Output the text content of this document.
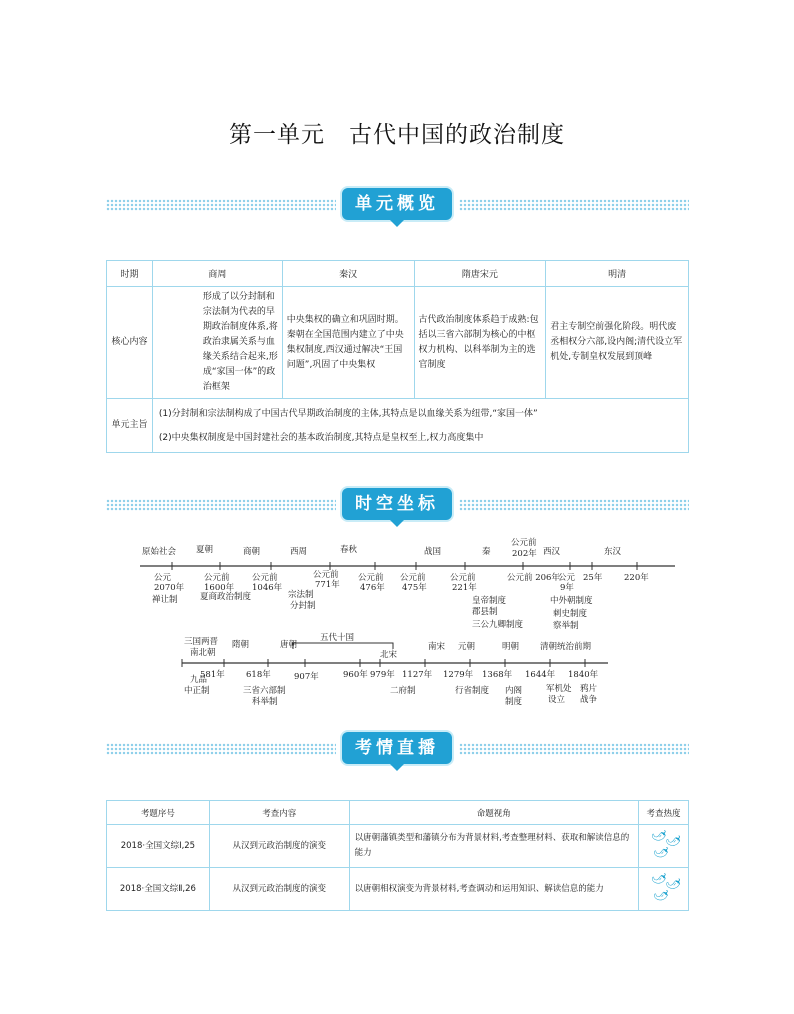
第一单元　古代中国的政治制度
单元概览
时期	商周	秦汉	隋唐宋元	明清
核心内容	形成了以分封制和宗法制为代表的早期政治制度体系,将政治隶属关系与血缘关系结合起来,形成“家国一体”的政治框架	中央集权的确立和巩固时期。秦朝在全国范围内建立了中央集权制度,西汉通过解决“王国问题”,巩固了中央集权	古代政治制度体系趋于成熟:包括以三省六部制为核心的中枢权力机构、以科举制为主的选官制度	君主专制空前强化阶段。明代废丞相权分六部,设内阁;清代设立军机处,专制皇权发展到顶峰
单元主旨	(1)分封制和宗法制构成了中国古代早期政治制度的主体,其特点是以血缘关系为纽带,“家国一体”
(2)中央集权制度是中国封建社会的基本政治制度,其特点是皇权至上,权力高度集中			
时空坐标
原始社会 夏朝	商朝	西周	春秋	战国	秦	西汉	东汉
公元前
202年
公元
2070年
公元前
1600年
公元前
1046年
公元前
771年
公元前
476年
公元前
475年
公元前
221年
公元前 206年
公元
9年
25年	220年
禅让制	夏商政治制度	宗法制
分封制	皇帝制度
郡县制
三公九卿制度
中外朝制度
刺史制度
察举制
三国两晋
南北朝
隋朝	唐朝
五代十国
北宋
南宋 元朝	明朝 清朝统治前期
581年	618年	907年	960年 979年 1127年 1279年 1368年 1644年 1840年
九品
中正制	三省六部制
科举制
二府制	行省制度 内阁
制度
军机处
设立
鸦片
战争
考情直播
考题序号	考查内容	命题视角	考查热度
2018·全国文综Ⅰ,25	从汉到元政治制度的演变	以唐朝藩镇类型和藩镇分布为背景材料,考查整理材料、获取和解读信息的能力	🌶🌶🌶
2018·全国文综Ⅱ,26	从汉到元政治制度的演变	以唐朝相权演变为背景材料,考查调动和运用知识、解读信息的能力	🌶🌶🌶
